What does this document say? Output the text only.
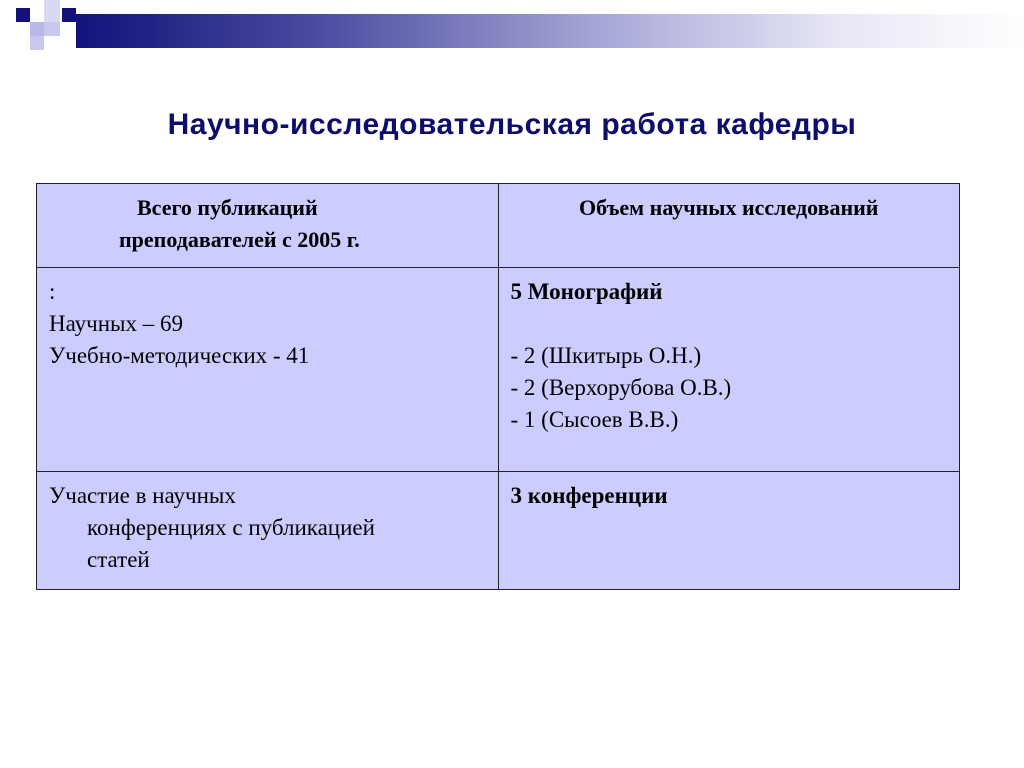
Научно-исследовательская работа кафедры
Всего публикаций
преподавателей с 2005 г.	Объем научных исследований

:
Научных – 69
Учебно-методических - 41	5 Монографий
- 2 (Шкитырь О.Н.)
- 2 (Верхорубова О.В.)
- 1 (Сысоев В.В.)

Участие в научных
конференциях с публикацией
статей	3 конференции
